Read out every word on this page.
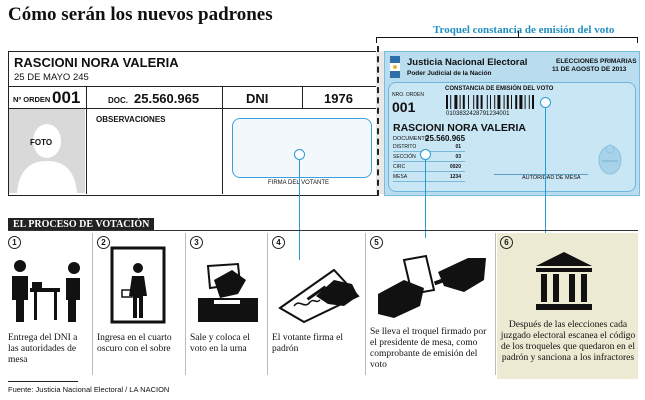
Cómo serán los nuevos padrones
Troquel constancia de emisión del voto
RASCIONI NORA VALERIA
25 DE MAYO 245
Nº ORDEN 001	DOC. 25.560.965	DNI	1976
FOTO
OBSERVACIONES
FIRMA DEL VOTANTE
Justicia Nacional Electoral
Poder Judicial de la Nación
ELECCIONES PRIMARIAS
11 DE AGOSTO DE 2013
NRO. ORDEN
001
CONSTANCIA DE EMISIÓN DEL VOTO
0103832428791234001
RASCIONI NORA VALERIA
DOCUMENTO
25.560.965
DISTRITO	01
SECCIÓN	03
CIRC	0020
MESA	1234	AUTORIDAD DE MESA
EL PROCESO DE VOTACIÓN
1	2	3	4	5	6
Entrega del DNI a las autoridades de mesa
Ingresa en el cuarto oscuro con el sobre
Sale y coloca el voto en la urna
El votante firma el padrón
Se lleva el troquel firmado por el presidente de mesa, como comprobante de emisión del voto
Después de las elecciones cada juzgado electoral escanea el código de los troqueles que quedaron en el padrón y sanciona a los infractores
Fuente: Justicia Nacional Electoral / LA NACION
